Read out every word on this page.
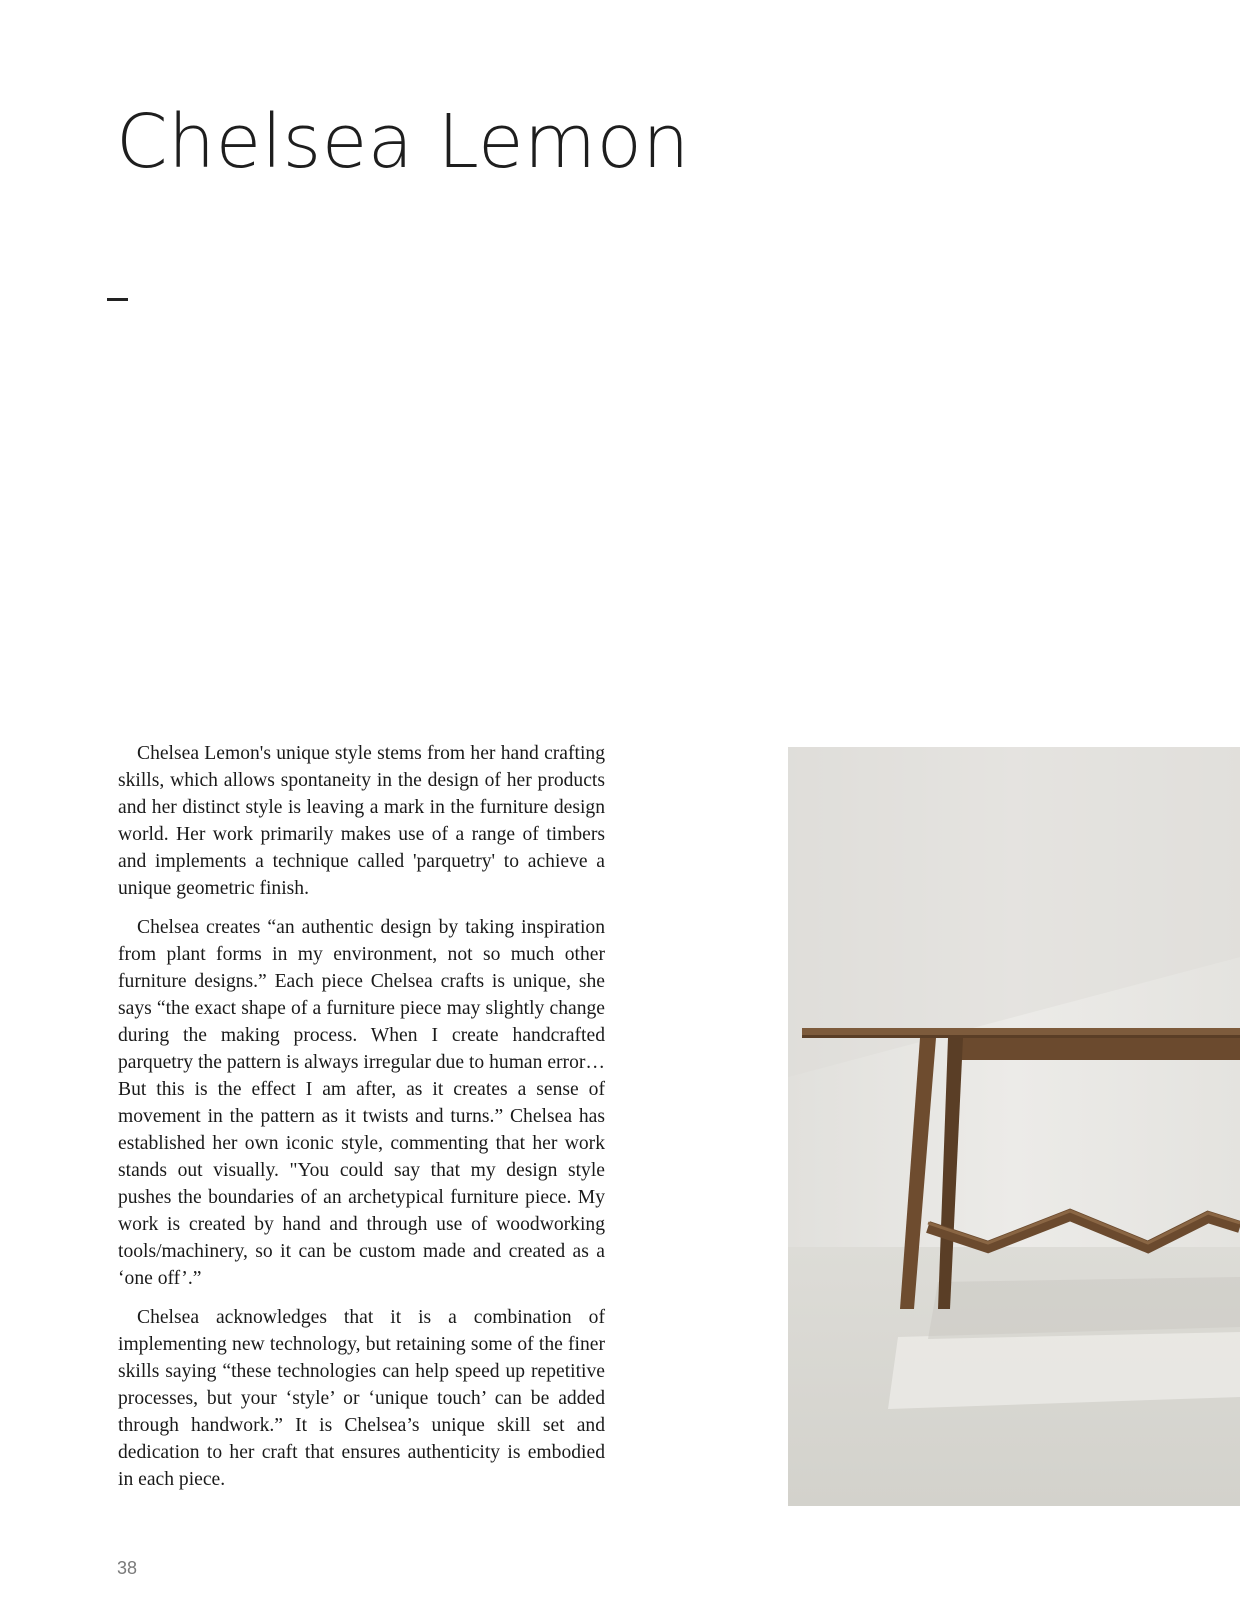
Chelsea Lemon

Chelsea Lemon's unique style stems from her hand crafting skills, which allows spontaneity in the design of her products and her distinct style is leaving a mark in the furniture design world. Her work primarily makes use of a range of timbers and implements a technique called 'parquetry' to achieve a unique geometric finish.

Chelsea creates “an authentic design by taking inspiration from plant forms in my environment, not so much other furniture designs.” Each piece Chelsea crafts is unique, she says “the exact shape of a furniture piece may slightly change during the making process. When I create handcrafted parquetry the pattern is always irregular due to human error…But this is the effect I am after, as it creates a sense of movement in the pattern as it twists and turns.” Chelsea has established her own iconic style, commenting that her work stands out visually. "You could say that my design style pushes the boundaries of an archetypical furniture piece. My work is created by hand and through use of woodworking tools/machinery, so it can be custom made and created as a ‘one off’.”

Chelsea acknowledges that it is a combination of implementing new technology, but retaining some of the finer skills saying “these technologies can help speed up repetitive processes, but your ‘style’ or ‘unique touch’ can be added through handwork.” It is Chelsea’s unique skill set and dedication to her craft that ensures authenticity is embodied in each piece.

38
